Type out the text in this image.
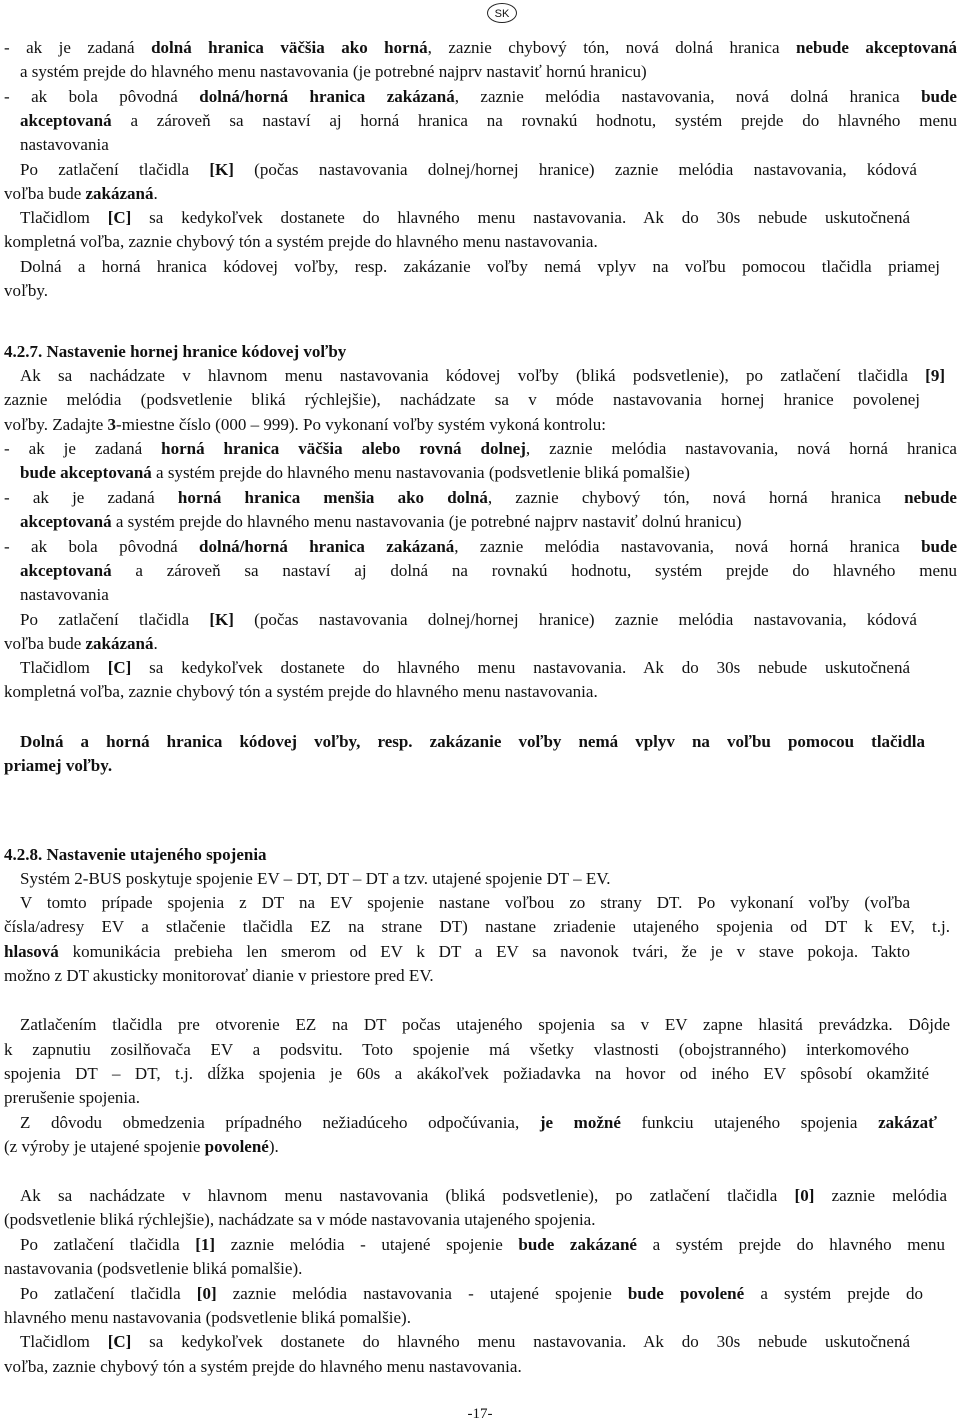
SK
- ak je zadaná dolná hranica väčšia ako horná, zaznie chybový tón, nová dolná hranica nebude akceptovaná
a systém prejde do hlavného menu nastavovania (je potrebné najprv nastaviť hornú hranicu)
- ak bola pôvodná dolná/horná hranica zakázaná, zaznie melódia nastavovania, nová dolná hranica bude
akceptovaná a zároveň sa nastaví aj horná hranica na rovnakú hodnotu, systém prejde do hlavného menu
nastavovania
Po zatlačení tlačidla [K] (počas nastavovania dolnej/hornej hranice) zaznie melódia nastavovania, kódová
voľba bude zakázaná.
Tlačidlom [C] sa kedykoľvek dostanete do hlavného menu nastavovania. Ak do 30s nebude uskutočnená
kompletná voľba, zaznie chybový tón a systém prejde do hlavného menu nastavovania.
Dolná a horná hranica kódovej voľby, resp. zakázanie voľby nemá vplyv na voľbu pomocou tlačidla priamej
voľby.
4.2.7. Nastavenie hornej hranice kódovej voľby
Ak sa nachádzate v hlavnom menu nastavovania kódovej voľby (bliká podsvetlenie), po zatlačení tlačidla [9]
zaznie melódia (podsvetlenie bliká rýchlejšie), nachádzate sa v móde nastavovania hornej hranice povolenej
voľby. Zadajte 3-miestne číslo (000 – 999). Po vykonaní voľby systém vykoná kontrolu:
- ak je zadaná horná hranica väčšia alebo rovná dolnej, zaznie melódia nastavovania, nová horná hranica
bude akceptovaná a systém prejde do hlavného menu nastavovania (podsvetlenie bliká pomalšie)
- ak je zadaná horná hranica menšia ako dolná, zaznie chybový tón, nová horná hranica nebude
akceptovaná a systém prejde do hlavného menu nastavovania (je potrebné najprv nastaviť dolnú hranicu)
- ak bola pôvodná dolná/horná hranica zakázaná, zaznie melódia nastavovania, nová horná hranica bude
akceptovaná a zároveň sa nastaví aj dolná na rovnakú hodnotu, systém prejde do hlavného menu
nastavovania
Po zatlačení tlačidla [K] (počas nastavovania dolnej/hornej hranice) zaznie melódia nastavovania, kódová
voľba bude zakázaná.
Tlačidlom [C] sa kedykoľvek dostanete do hlavného menu nastavovania. Ak do 30s nebude uskutočnená
kompletná voľba, zaznie chybový tón a systém prejde do hlavného menu nastavovania.
Dolná a horná hranica kódovej voľby, resp. zakázanie voľby nemá vplyv na voľbu pomocou tlačidla
priamej voľby.
4.2.8. Nastavenie utajeného spojenia
Systém 2-BUS poskytuje spojenie EV – DT, DT – DT a tzv. utajené spojenie DT – EV.
V tomto prípade spojenia z DT na EV spojenie nastane voľbou zo strany DT. Po vykonaní voľby (voľba
čísla/adresy EV a stlačenie tlačidla EZ na strane DT) nastane zriadenie utajeného spojenia od DT k EV, t.j.
hlasová komunikácia prebieha len smerom od EV k DT a EV sa navonok tvári, že je v stave pokoja. Takto
možno z DT akusticky monitorovať dianie v priestore pred EV.
Zatlačením tlačidla pre otvorenie EZ na DT počas utajeného spojenia sa v EV zapne hlasitá prevádzka. Dôjde
k zapnutiu zosilňovača EV a podsvitu. Toto spojenie má všetky vlastnosti (obojstranného) interkomového
spojenia DT – DT, t.j. dĺžka spojenia je 60s a akákoľvek požiadavka na hovor od iného EV spôsobí okamžité
prerušenie spojenia.
Z dôvodu obmedzenia prípadného nežiadúceho odpočúvania, je možné funkciu utajeného spojenia zakázať
(z výroby je utajené spojenie povolené).
Ak sa nachádzate v hlavnom menu nastavovania (bliká podsvetlenie), po zatlačení tlačidla [0] zaznie melódia
(podsvetlenie bliká rýchlejšie), nachádzate sa v móde nastavovania utajeného spojenia.
Po zatlačení tlačidla [1] zaznie melódia - utajené spojenie bude zakázané a systém prejde do hlavného menu
nastavovania (podsvetlenie bliká pomalšie).
Po zatlačení tlačidla [0] zaznie melódia nastavovania - utajené spojenie bude povolené a systém prejde do
hlavného menu nastavovania (podsvetlenie bliká pomalšie).
Tlačidlom [C] sa kedykoľvek dostanete do hlavného menu nastavovania. Ak do 30s nebude uskutočnená
voľba, zaznie chybový tón a systém prejde do hlavného menu nastavovania.
-17-
